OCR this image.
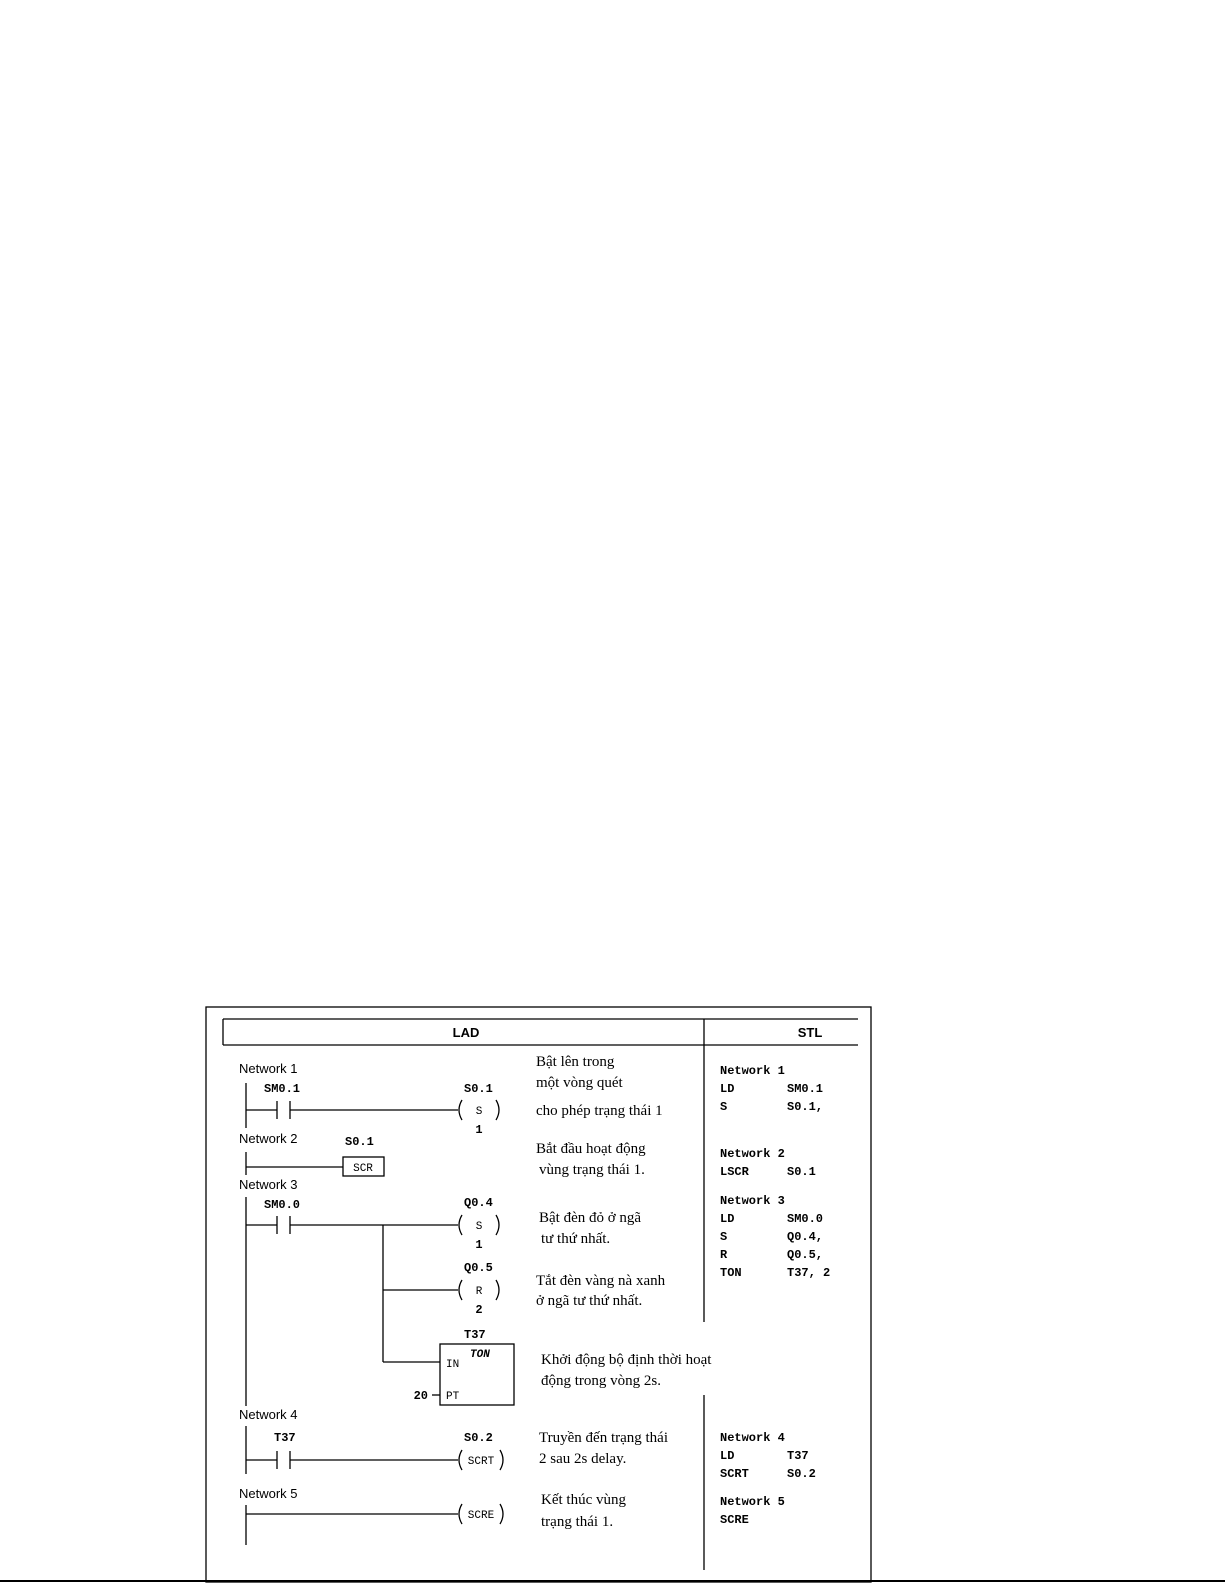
LAD	STL
Network 1
SM0.1	S0.1
S
1
Bật lên trong
một vòng quét
cho phép trạng thái 1
Network 1
LD	SM0.1
S	S0.1,
Network 2	S0.1
SCR
Bắt đầu hoạt động
vùng trạng thái 1.
Network 2
LSCR	S0.1
Network 3
SM0.0	Q0.4
S
1
Q0.5
R
2
T37
IN
TON
PT
20
Bật đèn đỏ ở ngã
tư thứ nhất.
Tắt đèn vàng nà xanh
ở ngã tư thứ nhất.
Khởi động bộ định thời hoạt
động trong vòng 2s.
Network 3
LD	SM0.0
S	Q0.4,
R	Q0.5,
TON	T37, 2
Network 4
T37	S0.2
SCRT
Truyền đến trạng thái
2 sau 2s delay.
Network 4
LD	T37
SCRT	S0.2
Network 5
SCRE
Kết thúc vùng
trạng thái 1.
Network 5
SCRE
